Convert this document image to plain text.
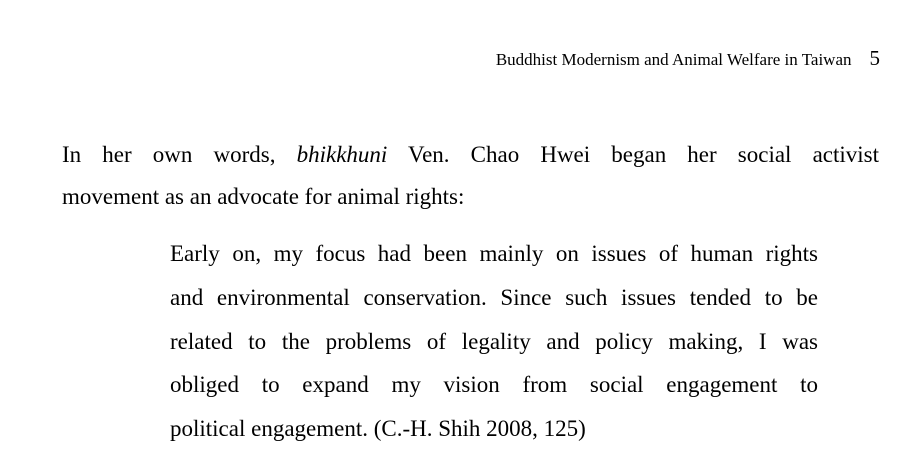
Buddhist Modernism and Animal Welfare in Taiwan 5

In her own words, bhikkhuni Ven. Chao Hwei began her social activist
movement as an advocate for animal rights:

Early on, my focus had been mainly on issues of human rights
and environmental conservation. Since such issues tended to be
related to the problems of legality and policy making, I was
obliged to expand my vision from social engagement to
political engagement. (C.-H. Shih 2008, 125)
